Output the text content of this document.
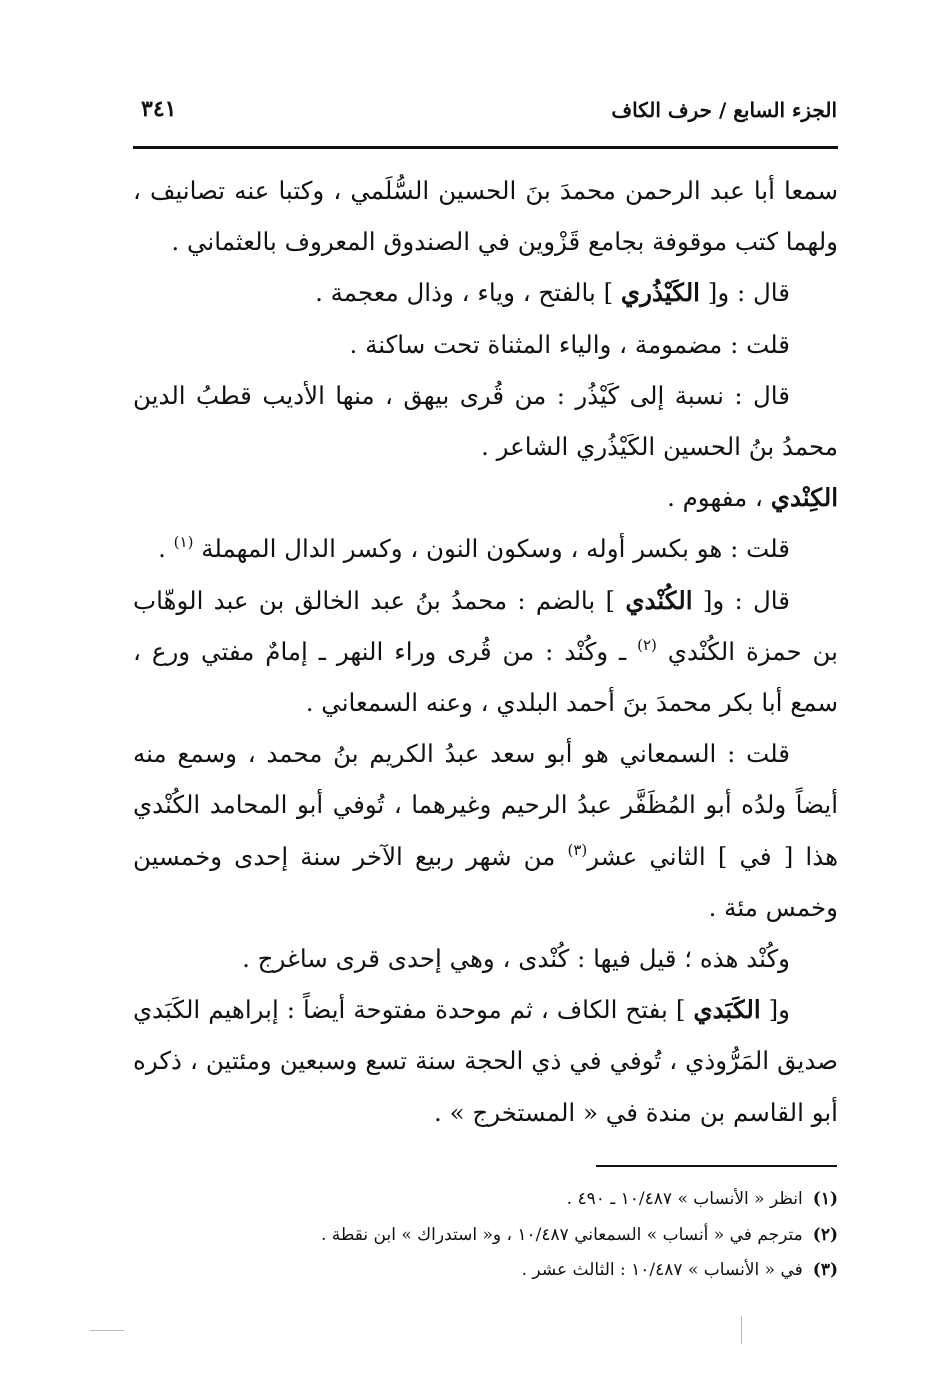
الجزء السابع / حرف الكاف
٣٤١

سمعا أبا عبد الرحمن محمدَ بنَ الحسين السُّلَمي ، وكتبا عنه تصانيف ، ولهما كتب موقوفة بجامع قَزْوين في الصندوق المعروف بالعثماني .

قال : و[ الكَيْذُري ] بالفتح ، وياء ، وذال معجمة .

قلت : مضمومة ، والياء المثناة تحت ساكنة .

قال : نسبة إلى كَيْذُر : من قُرى بيهق ، منها الأديب قطبُ الدين محمدُ بنُ الحسين الكَيْذُري الشاعر .

الكِنْدي ، مفهوم .

قلت : هو بكسر أوله ، وسكون النون ، وكسر الدال المهملة $^{(١)}$ .

قال : و[ الكُنْدي ] بالضم : محمدُ بنُ عبد الخالق بن عبد الوهّاب بن حمزة الكُنْدي $^{(٢)}$ ـ وكُنْد : من قُرى وراء النهر ـ إمامٌ مفتي ورع ، سمع أبا بكر محمدَ بنَ أحمد البلدي ، وعنه السمعاني .

قلت : السمعاني هو أبو سعد عبدُ الكريم بنُ محمد ، وسمع منه أيضاً ولدُه أبو المُظَفَّر عبدُ الرحيم وغيرهما ، تُوفي أبو المحامد الكُنْدي هذا [ في ] الثاني عشر$^{(٣)}$ من شهر ربيع الآخر سنة إحدى وخمسين وخمس مئة .

وكُنْد هذه ؛ قيل فيها : كُنْدى ، وهي إحدى قرى ساغرج .

و[ الكَبَدي ] بفتح الكاف ، ثم موحدة مفتوحة أيضاً : إبراهيم الكَبَدي صديق المَرُّوذي ، تُوفي في ذي الحجة سنة تسع وسبعين ومئتين ، ذكره أبو القاسم بن مندة في « المستخرج » .

(١)انظر « الأنساب » ١٠/٤٨٧ ـ ٤٩٠ .
(٢)مترجم في « أنساب » السمعاني ١٠/٤٨٧ ، و« استدراك » ابن نقطة .
(٣)في « الأنساب » ١٠/٤٨٧ : الثالث عشر .
